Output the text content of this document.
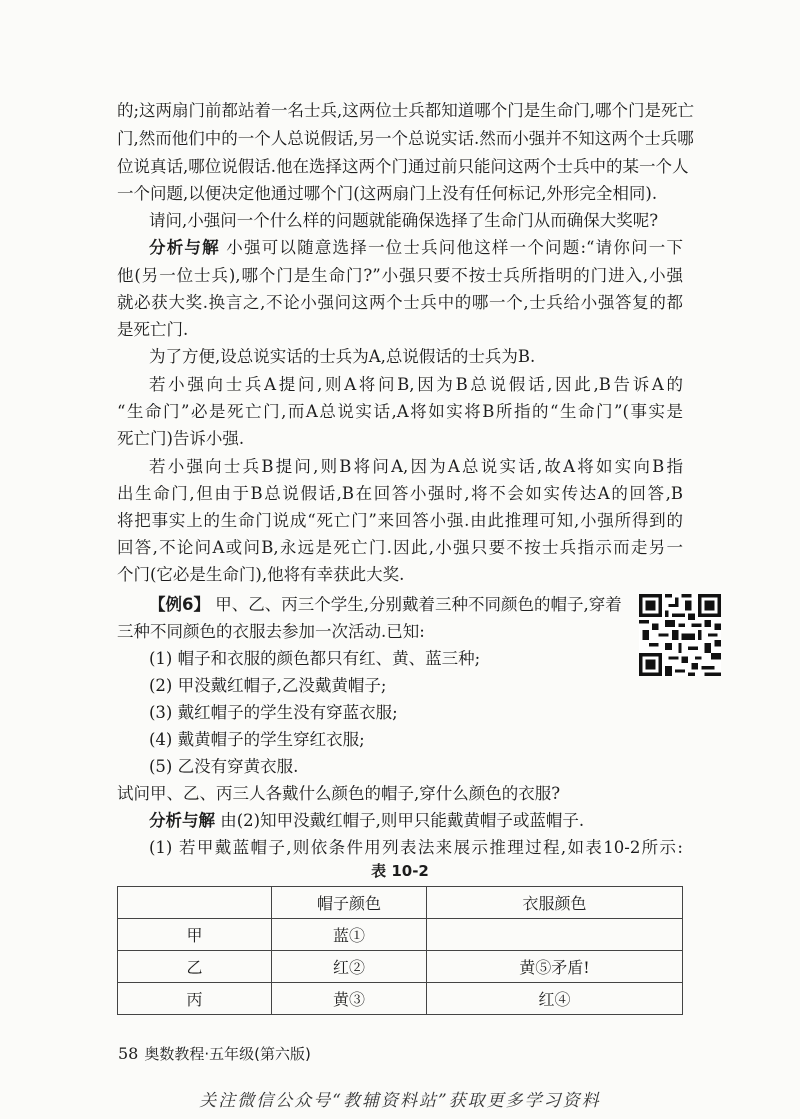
的;这两扇门前都站着一名士兵,这两位士兵都知道哪个门是生命门,哪个门是死亡
门,然而他们中的一个人总说假话,另一个总说实话.然而小强并不知这两个士兵哪
位说真话,哪位说假话.他在选择这两个门通过前只能问这两个士兵中的某一个人
一个问题,以便决定他通过哪个门(这两扇门上没有任何标记,外形完全相同).
请问,小强问一个什么样的问题就能确保选择了生命门从而确保大奖呢?
分析与解 小强可以随意选择一位士兵问他这样一个问题:“请你问一下
他(另一位士兵),哪个门是生命门?”小强只要不按士兵所指明的门进入,小强
就必获大奖.换言之,不论小强问这两个士兵中的哪一个,士兵给小强答复的都
是死亡门.
为了方便,设总说实话的士兵为A,总说假话的士兵为B.
若小强向士兵A提问,则A将问B,因为B总说假话,因此,B告诉A的
“生命门”必是死亡门,而A总说实话,A将如实将B所指的“生命门”(事实是
死亡门)告诉小强.
若小强向士兵B提问,则B将问A,因为A总说实话,故A将如实向B指
出生命门,但由于B总说假话,B在回答小强时,将不会如实传达A的回答,B
将把事实上的生命门说成“死亡门”来回答小强.由此推理可知,小强所得到的
回答,不论问A或问B,永远是死亡门.因此,小强只要不按士兵指示而走另一
个门(它必是生命门),他将有幸获此大奖.
【例6】 甲、乙、丙三个学生,分别戴着三种不同颜色的帽子,穿着
三种不同颜色的衣服去参加一次活动.已知:
(1) 帽子和衣服的颜色都只有红、黄、蓝三种;
(2) 甲没戴红帽子,乙没戴黄帽子;
(3) 戴红帽子的学生没有穿蓝衣服;
(4) 戴黄帽子的学生穿红衣服;
(5) 乙没有穿黄衣服.
试问甲、乙、丙三人各戴什么颜色的帽子,穿什么颜色的衣服?
分析与解 由(2)知甲没戴红帽子,则甲只能戴黄帽子或蓝帽子.
(1) 若甲戴蓝帽子,则依条件用列表法来展示推理过程,如表10-2所示:
表 10-2
	帽子颜色	衣服颜色
甲	蓝①	
乙	红②	黄⑤矛盾!
丙	黄③	红④
58 奥数教程·五年级(第六版)
关注微信公众号“教辅资料站”获取更多学习资料
